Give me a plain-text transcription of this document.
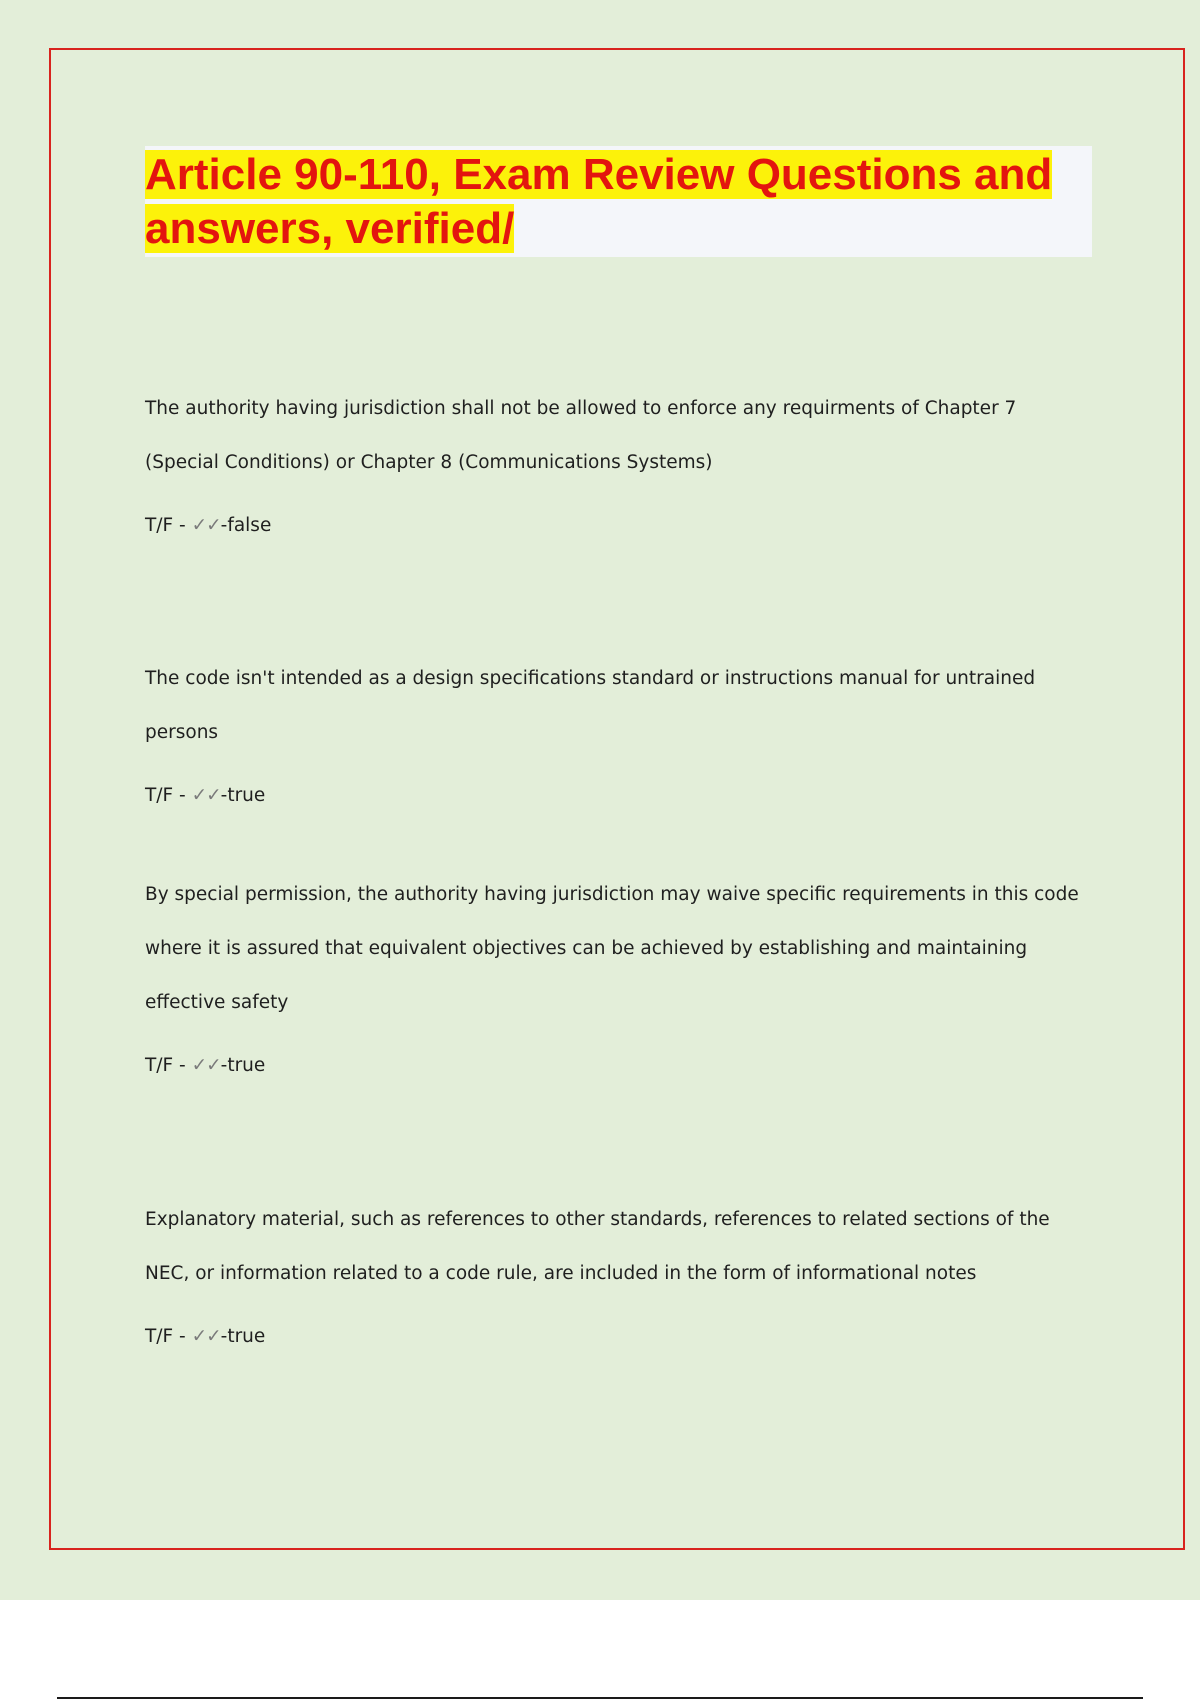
Article 90-110, Exam Review Questions and answers, verified/

The authority having jurisdiction shall not be allowed to enforce any requirments of Chapter 7 (Special Conditions) or Chapter 8 (Communications Systems)

T/F - ✓✓-false

The code isn't intended as a design specifications standard or instructions manual for untrained persons

T/F - ✓✓-true

By special permission, the authority having jurisdiction may waive specific requirements in this code where it is assured that equivalent objectives can be achieved by establishing and maintaining effective safety

T/F - ✓✓-true

Explanatory material, such as references to other standards, references to related sections of the NEC, or information related to a code rule, are included in the form of informational notes

T/F - ✓✓-true
